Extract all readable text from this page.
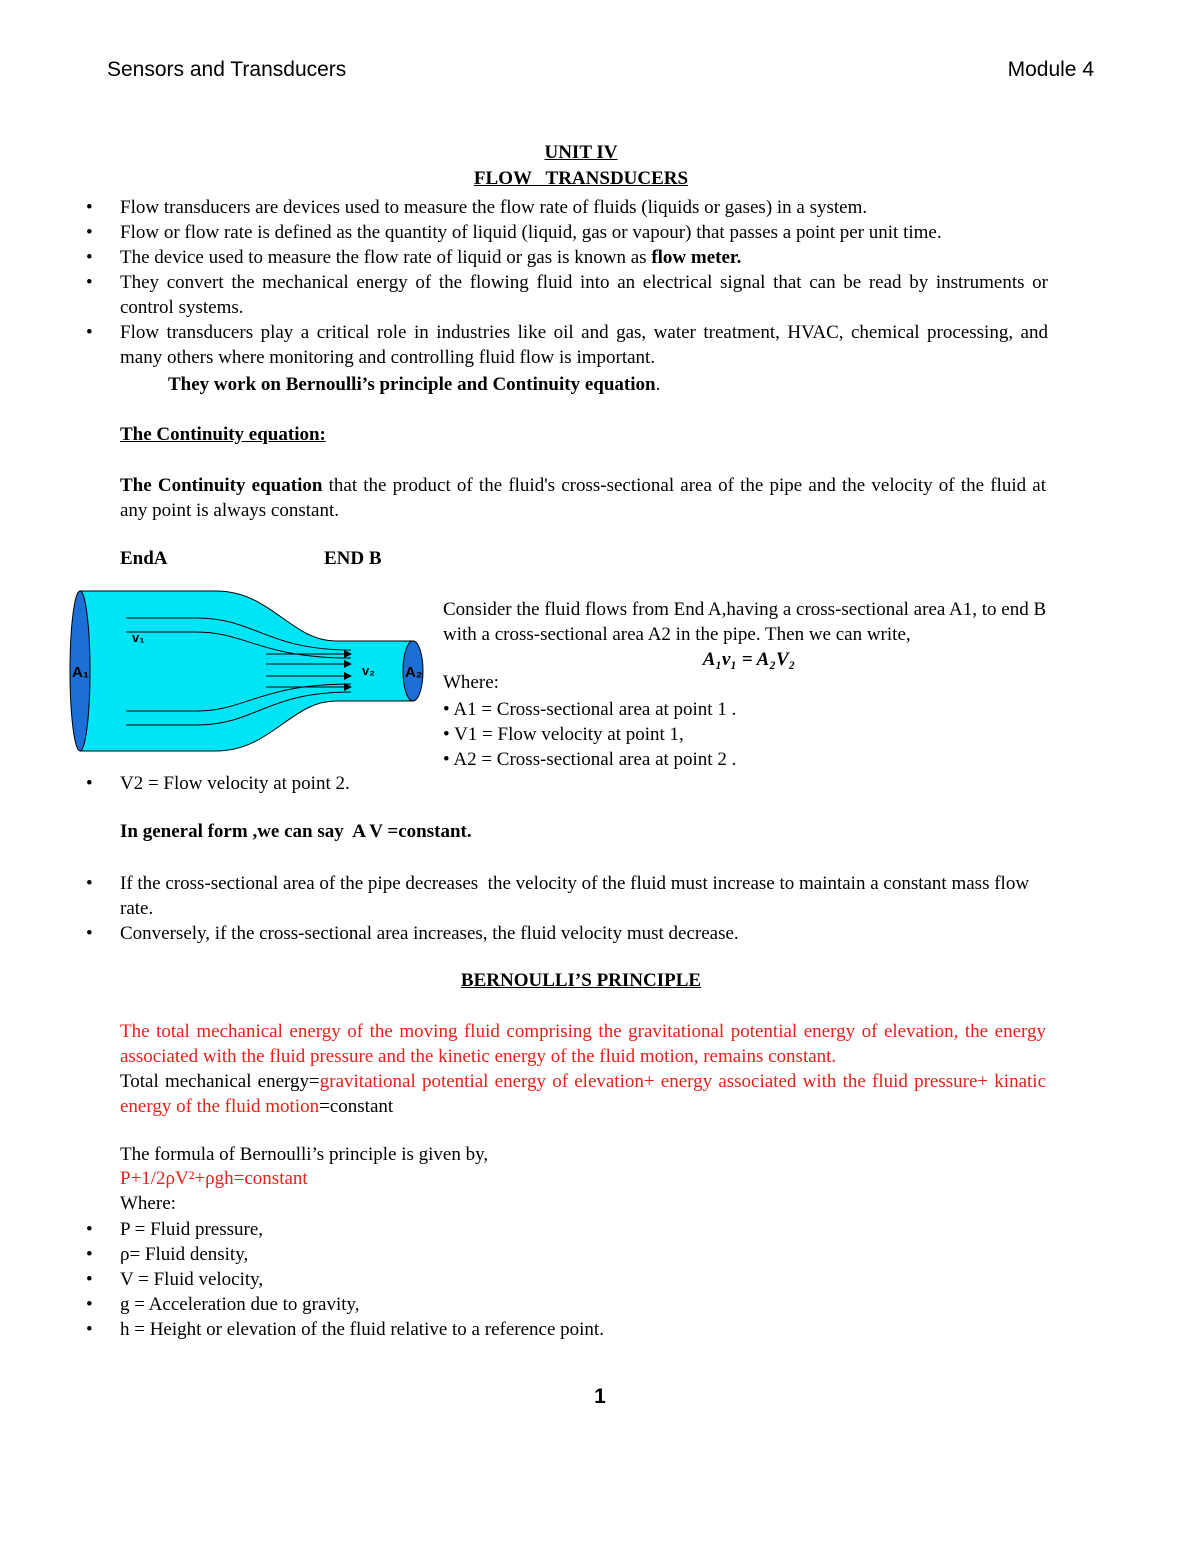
Sensors and Transducers	Module 4
UNIT IV
FLOW   TRANSDUCERS
• Flow transducers are devices used to measure the flow rate of fluids (liquids or gases) in a system.
• Flow or flow rate is defined as the quantity of liquid (liquid, gas or vapour) that passes a point per unit time.
• The device used to measure the flow rate of liquid or gas is known as flow meter.
• They convert the mechanical energy of the flowing fluid into an electrical signal that can be read by instruments or control systems.
• Flow transducers play a critical role in industries like oil and gas, water treatment, HVAC, chemical processing, and many others where monitoring and controlling fluid flow is important.
They work on Bernoulli’s principle and Continuity equation.
The Continuity equation:
The Continuity equation that the product of the fluid's cross-sectional area of the pipe and the velocity of the fluid at any point is always constant.
EndA	END B
A₁
v₁
v₂ A₂
Consider the fluid flows from End A,having a cross-sectional area A1, to end B with a cross-sectional area A2 in the pipe. Then we can write,
A₁v₁ = A₂V₂
Where:
• A1 = Cross-sectional area at point 1 .
• V1 = Flow velocity at point 1,
• A2 = Cross-sectional area at point 2 .
• V2 = Flow velocity at point 2.
In general form ,we can say  A V =constant.
• If the cross-sectional area of the pipe decreases  the velocity of the fluid must increase to maintain a constant mass flow rate.
• Conversely, if the cross-sectional area increases, the fluid velocity must decrease.
BERNOULLI’S PRINCIPLE
The total mechanical energy of the moving fluid comprising the gravitational potential energy of elevation, the energy associated with the fluid pressure and the kinetic energy of the fluid motion, remains constant.
Total mechanical energy=gravitational potential energy of elevation+ energy associated with the fluid pressure+ kinatic energy of the fluid motion=constant
The formula of Bernoulli’s principle is given by,
P+1/2ρV²+ρgh=constant
Where:
• P = Fluid pressure,
• ρ= Fluid density,
• V = Fluid velocity,
• g = Acceleration due to gravity,
• h = Height or elevation of the fluid relative to a reference point.
1
